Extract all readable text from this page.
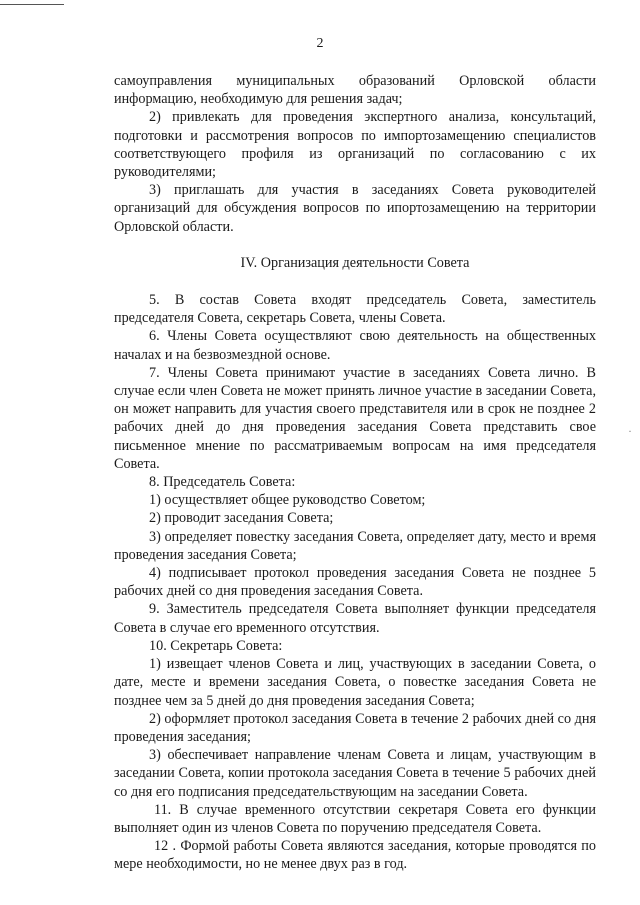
2

самоуправления муниципальных образований Орловской области информацию, необходимую для решения задач;

2) привлекать для проведения экспертного анализа, консультаций, подготовки и рассмотрения вопросов по импортозамещению специалистов соответствующего профиля из организаций по согласованию с их руководителями;

3) приглашать для участия в заседаниях Совета руководителей организаций для обсуждения вопросов по ипортозамещению на территории Орловской области.

IV. Организация деятельности Совета

5. В состав Совета входят председатель Совета, заместитель председателя Совета, секретарь Совета, члены Совета.

6. Члены Совета осуществляют свою деятельность на общественных началах и на безвозмездной основе.

7. Члены Совета принимают участие в заседаниях Совета лично. В случае если член Совета не может принять личное участие в заседании Совета, он может направить для участия своего представителя или в срок не позднее 2 рабочих дней до дня проведения заседания Совета представить свое письменное мнение по рассматриваемым вопросам на имя председателя Совета.

8. Председатель Совета:

1) осуществляет общее руководство Советом;

2) проводит заседания Совета;

3) определяет повестку заседания Совета, определяет дату, место и время проведения заседания Совета;

4) подписывает протокол проведения заседания Совета не позднее 5 рабочих дней со дня проведения заседания Совета.

9. Заместитель председателя Совета выполняет функции председателя Совета в случае его временного отсутствия.

10. Секретарь Совета:

1) извещает членов Совета и лиц, участвующих в заседании Совета, о дате, месте и времени заседания Совета, о повестке заседания Совета не позднее чем за 5 дней до дня проведения заседания Совета;

2) оформляет протокол заседания Совета в течение 2 рабочих дней со дня проведения заседания;

3) обеспечивает направление членам Совета и лицам, участвующим в заседании Совета, копии протокола заседания Совета в течение 5 рабочих дней со дня его подписания председательствующим на заседании Совета.

11. В случае временного отсутствии секретаря Совета его функции выполняет один из членов Совета по поручению председателя Совета.

12 . Формой работы Совета являются заседания, которые проводятся по мере необходимости, но не менее двух раз в год.

·
